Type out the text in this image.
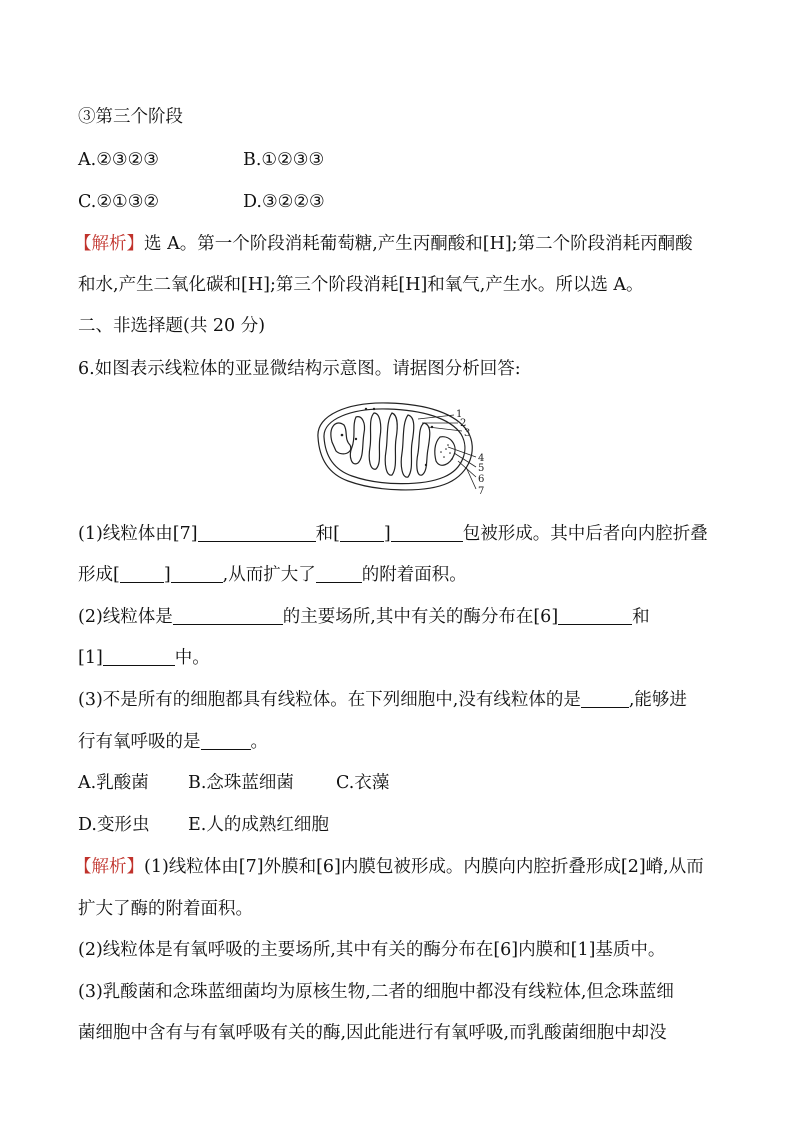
③第三个阶段
A.②③②③	B.①②③③
C.②①③②	D.③②②③
【解析】选 A。第一个阶段消耗葡萄糖,产生丙酮酸和[H];第二个阶段消耗丙酮酸
和水,产生二氧化碳和[H];第三个阶段消耗[H]和氧气,产生水。所以选 A。
二、非选择题(共 20 分)
6.如图表示线粒体的亚显微结构示意图。请据图分析回答:
1
2
3
4
5
6
7
(1)线粒体由[7]	和[	]	包被形成。其中后者向内腔折叠
形成[	]	,从而扩大了	的附着面积。
(2)线粒体是	的主要场所,其中有关的酶分布在[6]	和
[1]	中。
(3)不是所有的细胞都具有线粒体。在下列细胞中,没有线粒体的是	,能够进
行有氧呼吸的是	。
A.乳酸菌 B.念珠蓝细菌 C.衣藻
D.变形虫 E.人的成熟红细胞
【解析】(1)线粒体由[7]外膜和[6]内膜包被形成。内膜向内腔折叠形成[2]嵴,从而
扩大了酶的附着面积。
(2)线粒体是有氧呼吸的主要场所,其中有关的酶分布在[6]内膜和[1]基质中。
(3)乳酸菌和念珠蓝细菌均为原核生物,二者的细胞中都没有线粒体,但念珠蓝细
菌细胞中含有与有氧呼吸有关的酶,因此能进行有氧呼吸,而乳酸菌细胞中却没
